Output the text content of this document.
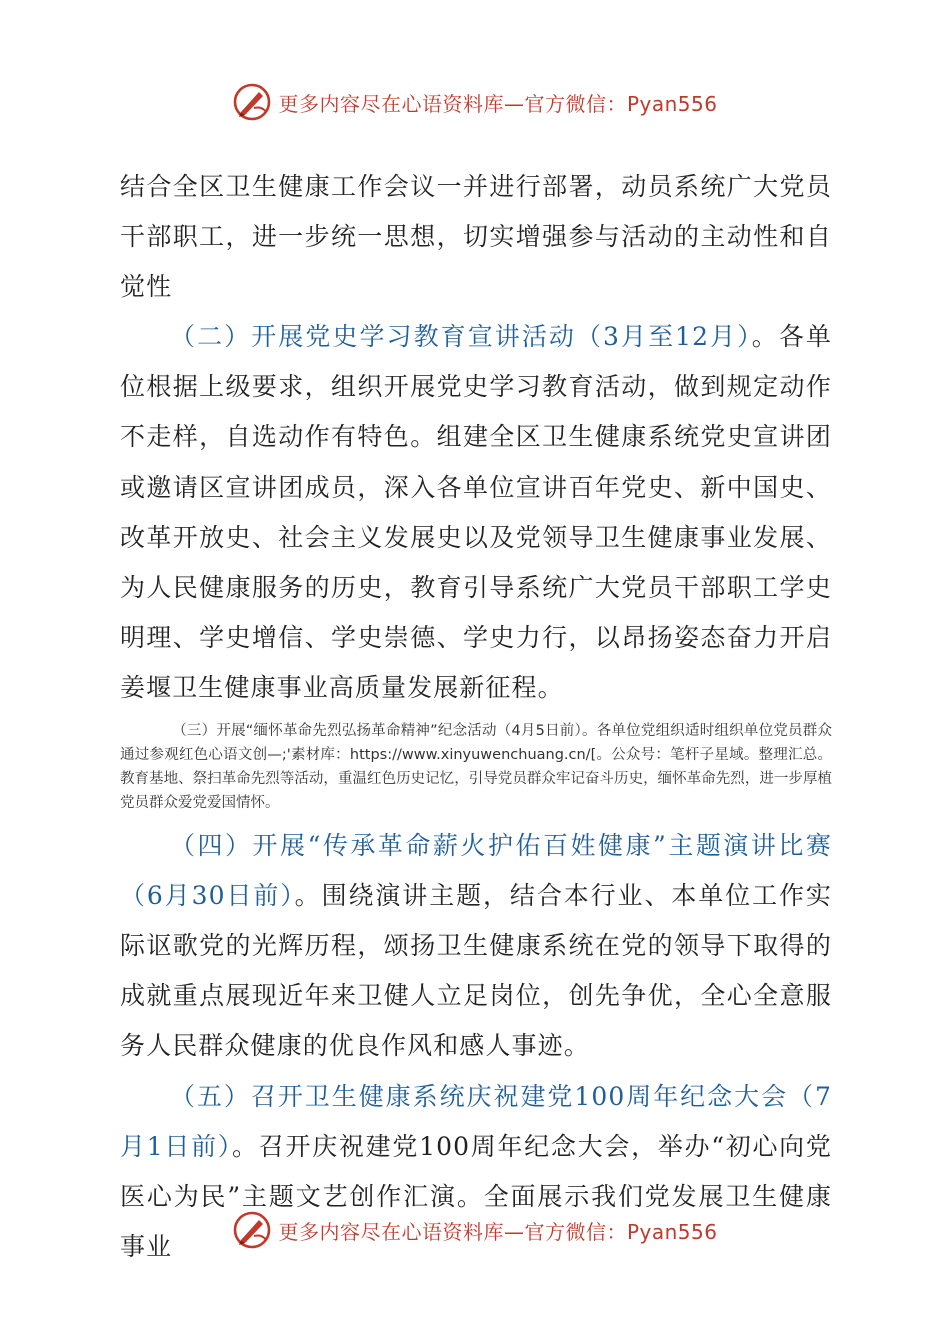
更多内容尽在心语资料库—官方微信：Pyan556

结合全区卫生健康工作会议一并进行部署，动员系统广大党员干部职工，进一步统一思想，切实增强参与活动的主动性和自觉性

（二）开展党史学习教育宣讲活动（3月至12月）。各单位根据上级要求，组织开展党史学习教育活动，做到规定动作不走样，自选动作有特色。组建全区卫生健康系统党史宣讲团或邀请区宣讲团成员，深入各单位宣讲百年党史、新中国史、改革开放史、社会主义发展史以及党领导卫生健康事业发展、为人民健康服务的历史，教育引导系统广大党员干部职工学史明理、学史增信、学史崇德、学史力行，以昂扬姿态奋力开启姜堰卫生健康事业高质量发展新征程。

（三）开展“缅怀革命先烈弘扬革命精神”纪念活动（4月5日前）。各单位党组织适时组织单位党员群众通过参观红色心语文创—;'素材库：https://www.xinyuwenchuang.cn/[。公众号：笔杆子星域。整理汇总。教育基地、祭扫革命先烈等活动，重温红色历史记忆，引导党员群众牢记奋斗历史，缅怀革命先烈，进一步厚植党员群众爱党爱国情怀。

（四）开展“传承革命薪火护佑百姓健康”主题演讲比赛（6月30日前）。围绕演讲主题，结合本行业、本单位工作实际讴歌党的光辉历程，颂扬卫生健康系统在党的领导下取得的成就重点展现近年来卫健人立足岗位，创先争优，全心全意服务人民群众健康的优良作风和感人事迹。

（五）召开卫生健康系统庆祝建党100周年纪念大会（7月1日前）。召开庆祝建党100周年纪念大会，举办“初心向党医心为民”主题文艺创作汇演。全面展示我们党发展卫生健康事业

更多内容尽在心语资料库—官方微信：Pyan556
